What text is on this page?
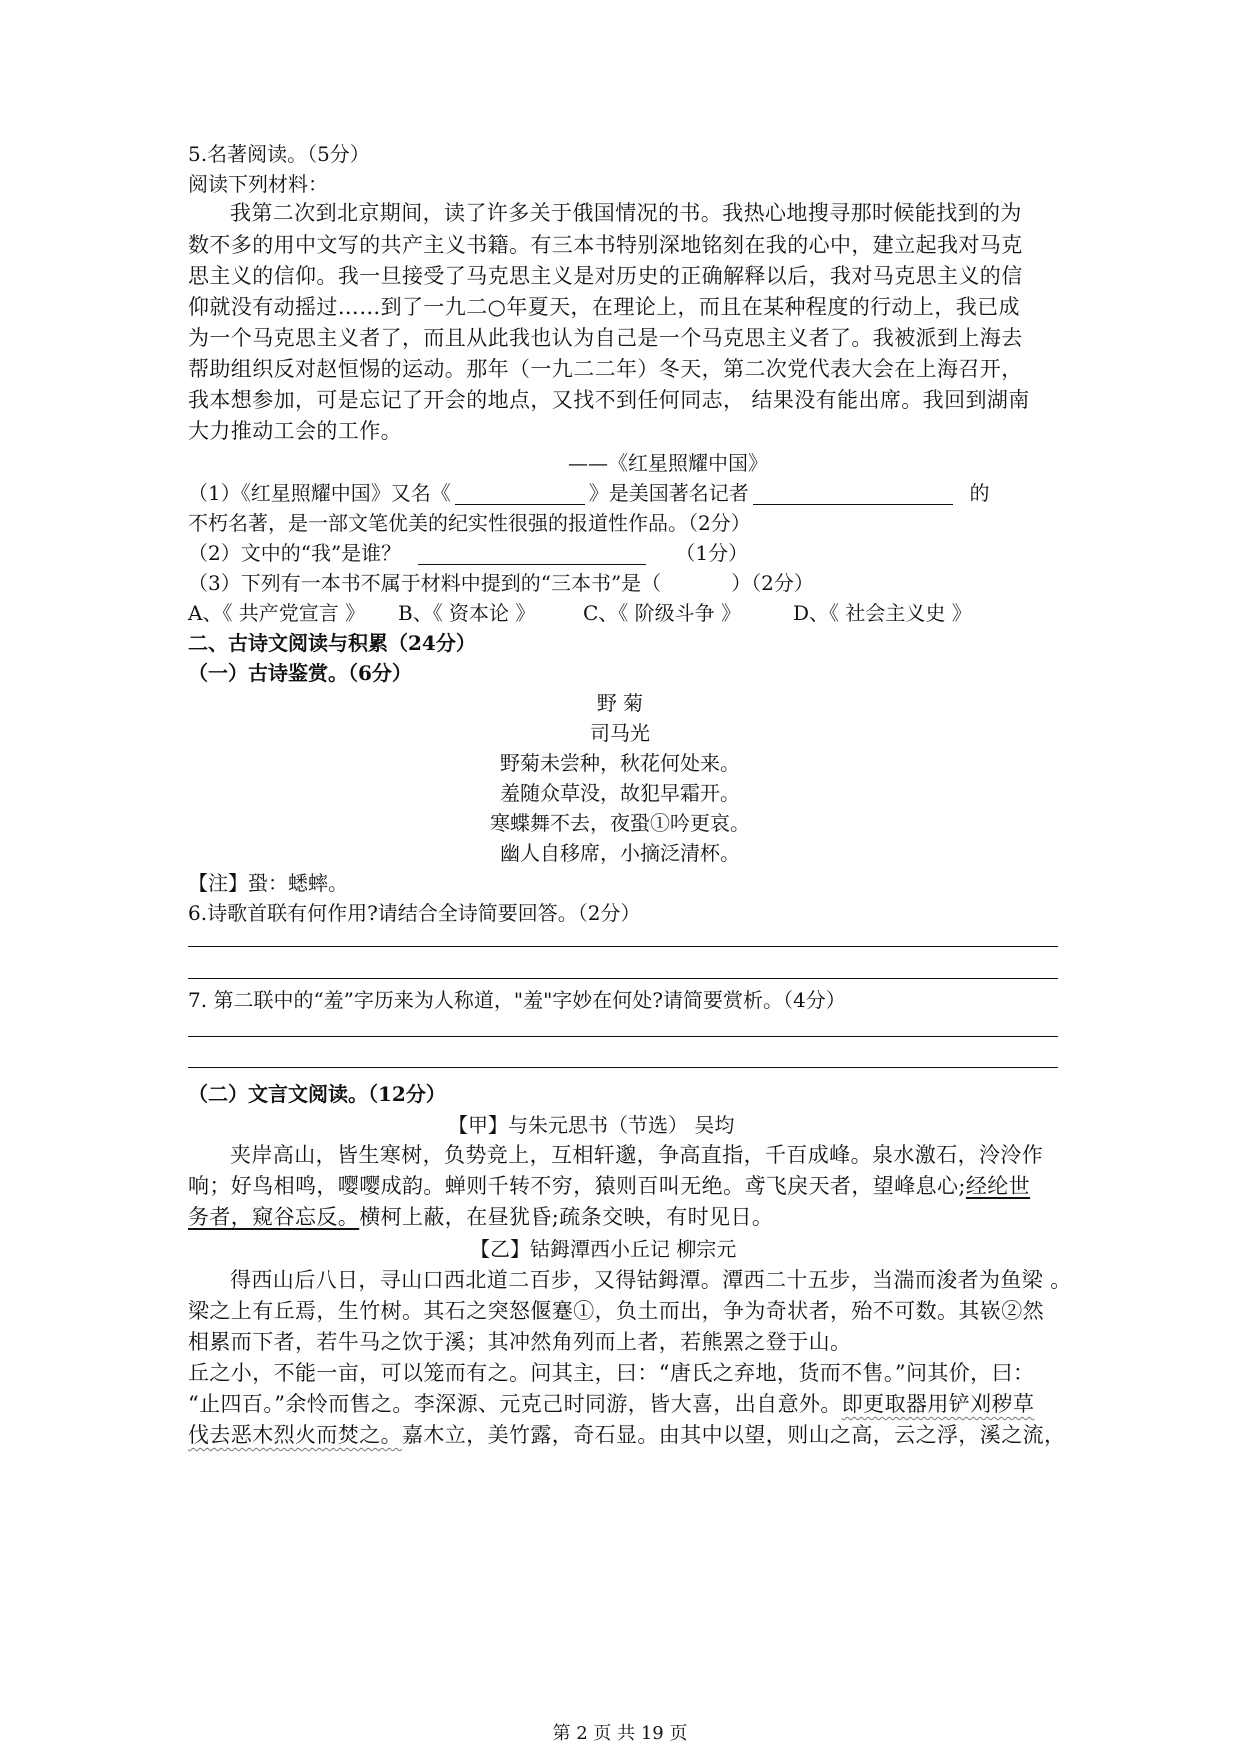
5.名著阅读。（5分）
阅读下列材料：
我第二次到北京期间，读了许多关于俄国情况的书。我热心地搜寻那时候能找到的为
数不多的用中文写的共产主义书籍。有三本书特别深地铭刻在我的心中，建立起我对马克
思主义的信仰。我一旦接受了马克思主义是对历史的正确解释以后，我对马克思主义的信
仰就没有动摇过……到了一九二○年夏天，在理论上，而且在某种程度的行动上，我已成
为一个马克思主义者了，而且从此我也认为自己是一个马克思主义者了。我被派到上海去
帮助组织反对赵恒惕的运动。那年（一九二二年）冬天，第二次党代表大会在上海召开，
我本想参加，可是忘记了开会的地点，又找不到任何同志， 结果没有能出席。我回到湖南
大力推动工会的工作。
——《红星照耀中国》
（1）《红星照耀中国》又名《	》是美国著名记者	的
不朽名著，是一部文笔优美的纪实性很强的报道性作品。（2分）
（2）文中的“我”是谁？	（1分）
（3）下列有一本书不属于材料中提到的“三本书”是（	）（2分）
A、《 共产党宣言 》 B、《 资本论 》 C、《 阶级斗争 》	D、《 社会主义史 》
二、古诗文阅读与积累（24分）
（一）古诗鉴赏。（6分）
野 菊
司马光
野菊未尝种，秋花何处来。
羞随众草没，故犯早霜开。
寒蝶舞不去，夜蛩①吟更哀。
幽人自移席，小摘泛清杯。
【注】蛩：蟋蟀。
6.诗歌首联有何作用?请结合全诗简要回答。（2分）
7. 第二联中的“羞”字历来为人称道，"羞"字妙在何处?请简要赏析。（4分）
（二）文言文阅读。（12分）
【甲】与朱元思书（节选） 吴均
夹岸高山，皆生寒树，负势竞上，互相轩邈，争高直指，千百成峰。泉水激石，泠泠作
响；好鸟相鸣，嘤嘤成韵。蝉则千转不穷，猿则百叫无绝。鸢飞戾天者，望峰息心;经纶世
务者，窥谷忘反。横柯上蔽，在昼犹昏;疏条交映，有时见日。
【乙】钴鉧潭西小丘记 柳宗元
得西山后八日，寻山口西北道二百步，又得钴鉧潭。潭西二十五步，当湍而浚者为鱼梁 。
梁之上有丘焉，生竹树。其石之突怒偃蹇①，负土而出，争为奇状者，殆不可数。其嵚②然
相累而下者，若牛马之饮于溪；其冲然角列而上者，若熊罴之登于山。
丘之小，不能一亩，可以笼而有之。问其主，曰：“唐氏之弃地，货而不售。”问其价，曰：
“止四百。”余怜而售之。李深源、元克己时同游，皆大喜，出自意外。即更取器用铲刈秽草
伐去恶木烈火而焚之。嘉木立，美竹露，奇石显。由其中以望，则山之高，云之浮，溪之流，
第 2 页 共 19 页
